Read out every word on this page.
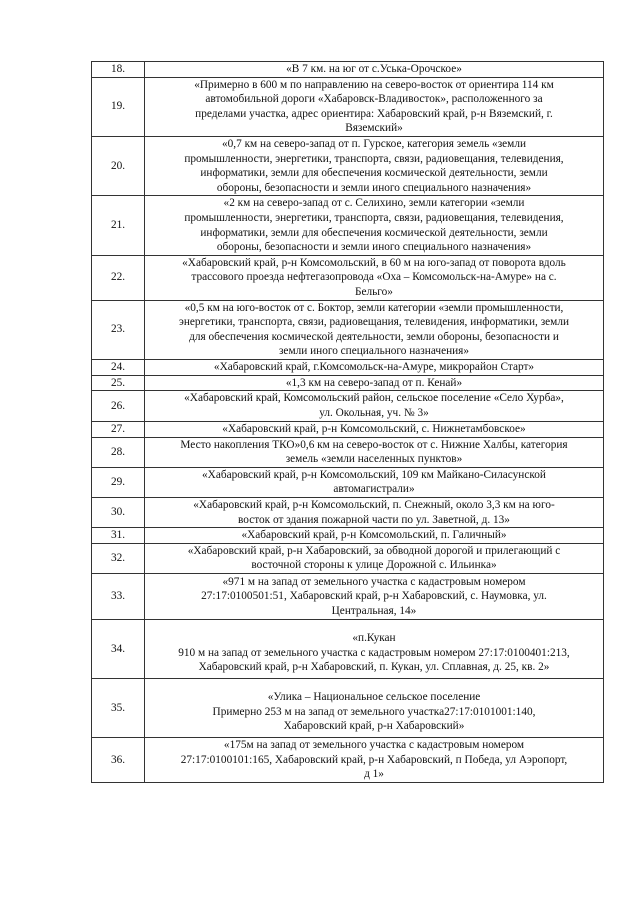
18.	«В 7 км. на юг от с.Уська-Орочское»

19.	«Примерно в 600 м по направлению на северо-восток от ориентира 114 км
автомобильной дороги «Хабаровск-Владивосток», расположенного за
пределами участка, адрес ориентира: Хабаровский край, р-н Вяземский, г.
Вяземский»

20.	«0,7 км на северо-запад от п. Гурское, категория земель «земли
промышленности, энергетики, транспорта, связи, радиовещания, телевидения,
информатики, земли для обеспечения космической деятельности, земли
обороны, безопасности и земли иного специального назначения»

21.	«2 км на северо-запад от с. Селихино, земли категории «земли
промышленности, энергетики, транспорта, связи, радиовещания, телевидения,
информатики, земли для обеспечения космической деятельности, земли
обороны, безопасности и земли иного специального назначения»

22.	«Хабаровский край, р-н Комсомольский, в 60 м на юго-запад от поворота вдоль
трассового проезда нефтегазопровода «Оха – Комсомольск-на-Амуре» на с.
Бельго»

23.	«0,5 км на юго-восток от с. Боктор, земли категории «земли промышленности,
энергетики, транспорта, связи, радиовещания, телевидения, информатики, земли
для обеспечения космической деятельности, земли обороны, безопасности и
земли иного специального назначения»

24.	«Хабаровский край, г.Комсомольск-на-Амуре, микрорайон Старт»

25.	«1,3 км на северо-запад от п. Кенай»

26.	«Хабаровский край, Комсомольский район, сельское поселение «Село Хурба»,
ул. Окольная, уч. № 3»

27.	«Хабаровский край, р-н Комсомольский, с. Нижнетамбовское»

28.	Место накопления ТКО»0,6 км на северо-восток от с. Нижние Халбы, категория
земель «земли населенных пунктов»

29.	«Хабаровский край, р-н Комсомольский, 109 км Майкано-Силасунской
автомагистрали»

30.	«Хабаровский край, р-н Комсомольский, п. Снежный, около 3,3 км на юго-
восток от здания пожарной части по ул. Заветной, д. 13»

31.	«Хабаровский край, р-н Комсомольский, п. Галичный»

32.	«Хабаровский край, р-н Хабаровский, за обводной дорогой и прилегающий с
восточной стороны к улице Дорожной с. Ильинка»

33.	«971 м на запад от земельного участка с кадастровым номером
27:17:0100501:51, Хабаровский край, р-н Хабаровский, с. Наумовка, ул.
Центральная, 14»

34.	«п.Кукан
910 м на запад от земельного участка с кадастровым номером 27:17:0100401:213,
Хабаровский край, р-н Хабаровский, п. Кукан, ул. Сплавная, д. 25, кв. 2»

35.	«Улика – Национальное сельское поселение
Примерно 253 м на запад от земельного участка27:17:0101001:140,
Хабаровский край, р-н Хабаровский»

36.	«175м на запад от земельного участка с кадастровым номером
27:17:0100101:165, Хабаровский край, р-н Хабаровский, п Победа, ул Аэропорт,
д 1»
